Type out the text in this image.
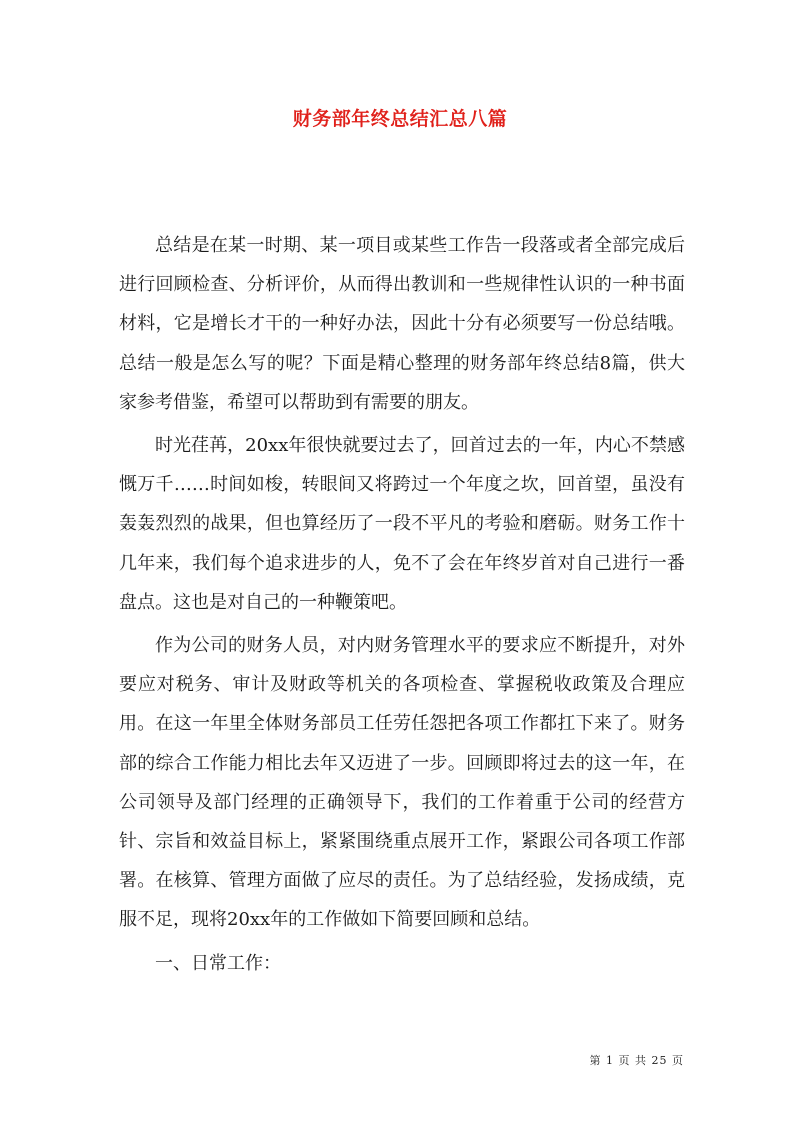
财务部年终总结汇总八篇

总结是在某一时期、某一项目或某些工作告一段落或者全部完成后进行回顾检查、分析评价，从而得出教训和一些规律性认识的一种书面材料，它是增长才干的一种好办法，因此十分有必须要写一份总结哦。总结一般是怎么写的呢？下面是精心整理的财务部年终总结8篇，供大家参考借鉴，希望可以帮助到有需要的朋友。

时光荏苒，20xx年很快就要过去了，回首过去的一年，内心不禁感慨万千……时间如梭，转眼间又将跨过一个年度之坎，回首望，虽没有轰轰烈烈的战果，但也算经历了一段不平凡的考验和磨砺。财务工作十几年来，我们每个追求进步的人，免不了会在年终岁首对自己进行一番盘点。这也是对自己的一种鞭策吧。

作为公司的财务人员，对内财务管理水平的要求应不断提升，对外要应对税务、审计及财政等机关的各项检查、掌握税收政策及合理应用。在这一年里全体财务部员工任劳任怨把各项工作都扛下来了。财务部的综合工作能力相比去年又迈进了一步。回顾即将过去的这一年，在公司领导及部门经理的正确领导下，我们的工作着重于公司的经营方针、宗旨和效益目标上，紧紧围绕重点展开工作，紧跟公司各项工作部署。在核算、管理方面做了应尽的责任。为了总结经验，发扬成绩，克服不足，现将20xx年的工作做如下简要回顾和总结。

一、日常工作：

第 1 页 共 25 页
